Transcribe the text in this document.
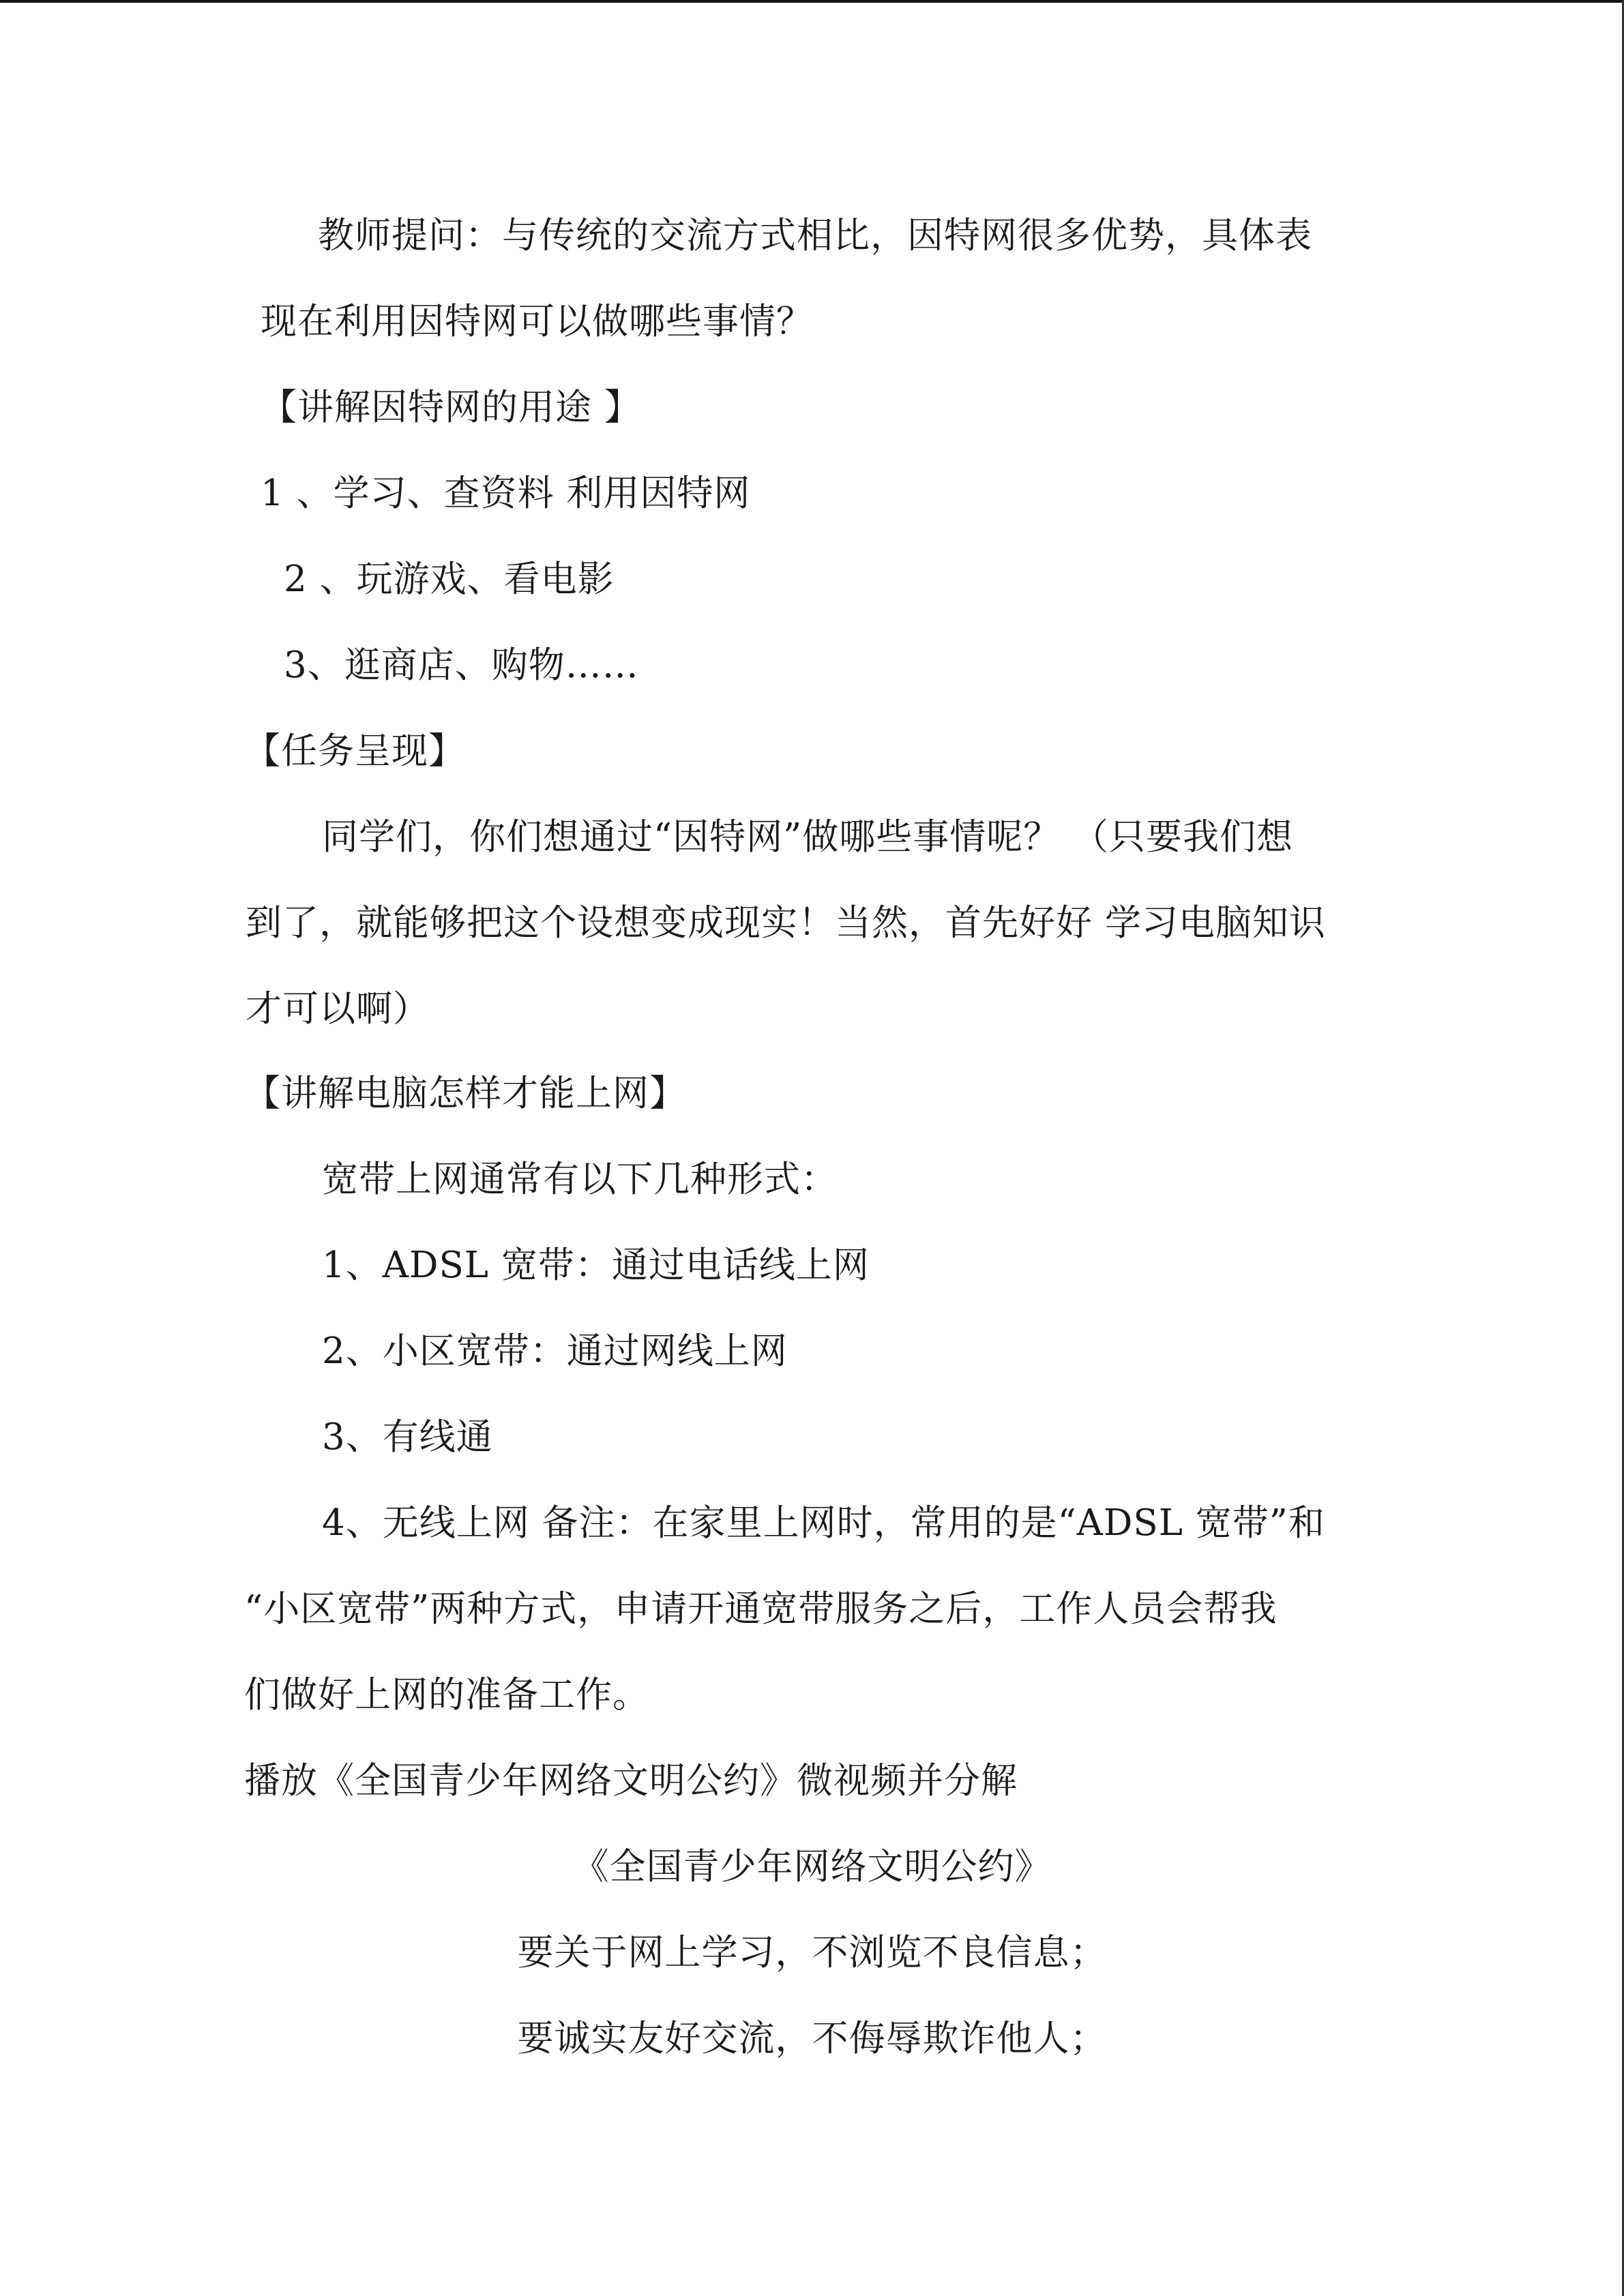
教师提问：与传统的交流方式相比，因特网很多优势，具体表
现在利用因特网可以做哪些事情？
【讲解因特网的用途 】
1 、学习、查资料 利用因特网
2 、玩游戏、看电影
3、逛商店、购物……
【任务呈现】
同学们，你们想通过“因特网”做哪些事情呢？ （只要我们想
到了，就能够把这个设想变成现实！当然，首先好好 学习电脑知识
才可以啊）
【讲解电脑怎样才能上网】
宽带上网通常有以下几种形式：
1、ADSL 宽带：通过电话线上网
2、小区宽带：通过网线上网
3、有线通
4、无线上网 备注：在家里上网时，常用的是“ADSL 宽带”和
“小区宽带”两种方式，申请开通宽带服务之后，工作人员会帮我
们做好上网的准备工作。
播放《全国青少年网络文明公约》微视频并分解
《全国青少年网络文明公约》
要关于网上学习，不浏览不良信息；
要诚实友好交流，不侮辱欺诈他人；
